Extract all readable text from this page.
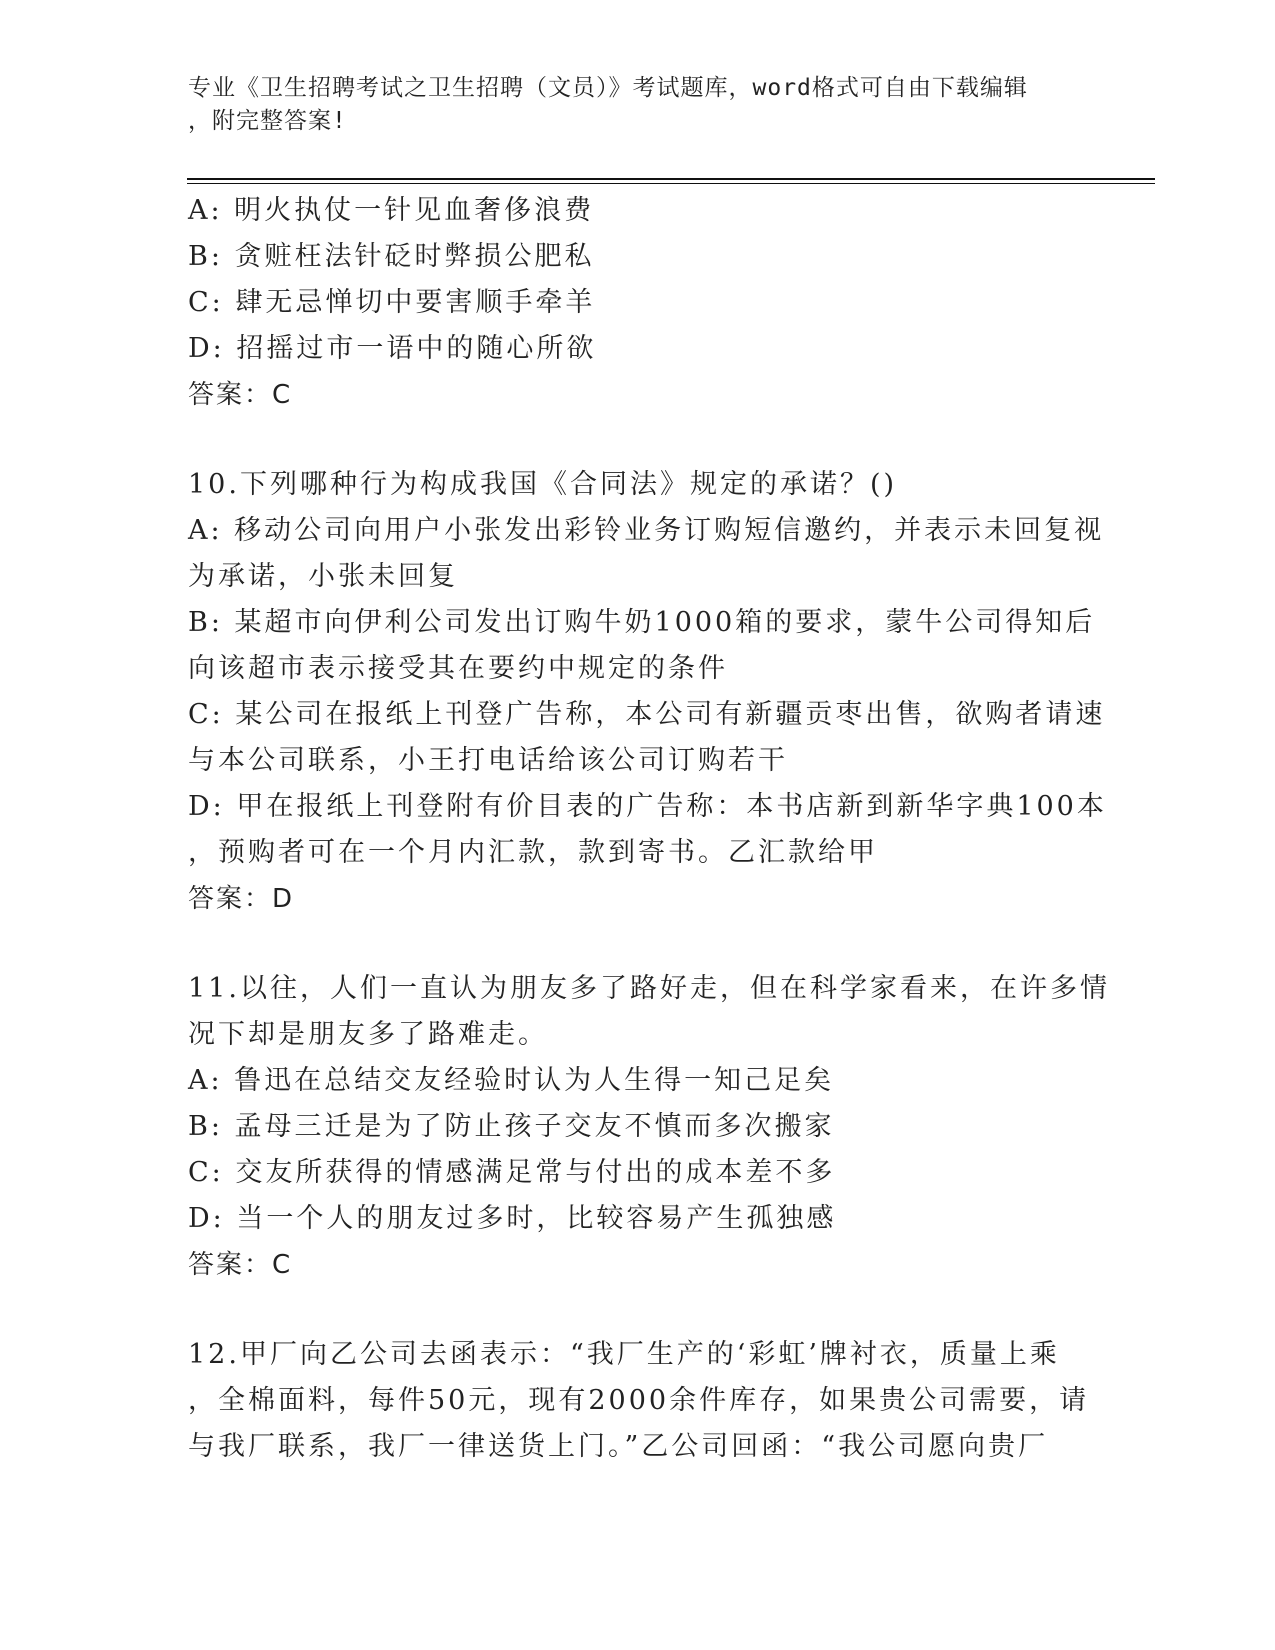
专业《卫生招聘考试之卫生招聘（文员）》考试题库，word格式可自由下载编辑
，附完整答案!
A: 明火执仗一针见血奢侈浪费
B: 贪赃枉法针砭时弊损公肥私
C: 肆无忌惮切中要害顺手牵羊
D: 招摇过市一语中的随心所欲
答案：C
10.下列哪种行为构成我国《合同法》规定的承诺？()
A: 移动公司向用户小张发出彩铃业务订购短信邀约，并表示未回复视
为承诺，小张未回复
B: 某超市向伊利公司发出订购牛奶1000箱的要求，蒙牛公司得知后
向该超市表示接受其在要约中规定的条件
C: 某公司在报纸上刊登广告称，本公司有新疆贡枣出售，欲购者请速
与本公司联系，小王打电话给该公司订购若干
D: 甲在报纸上刊登附有价目表的广告称：本书店新到新华字典100本
，预购者可在一个月内汇款，款到寄书。乙汇款给甲
答案：D
11.以往，人们一直认为朋友多了路好走，但在科学家看来，在许多情
况下却是朋友多了路难走。
A: 鲁迅在总结交友经验时认为人生得一知己足矣
B: 孟母三迁是为了防止孩子交友不慎而多次搬家
C: 交友所获得的情感满足常与付出的成本差不多
D: 当一个人的朋友过多时，比较容易产生孤独感
答案：C
12.甲厂向乙公司去函表示：“我厂生产的‘彩虹’牌衬衣，质量上乘
，全棉面料，每件50元，现有2000余件库存，如果贵公司需要，请
与我厂联系，我厂一律送货上门。”乙公司回函：“我公司愿向贵厂
